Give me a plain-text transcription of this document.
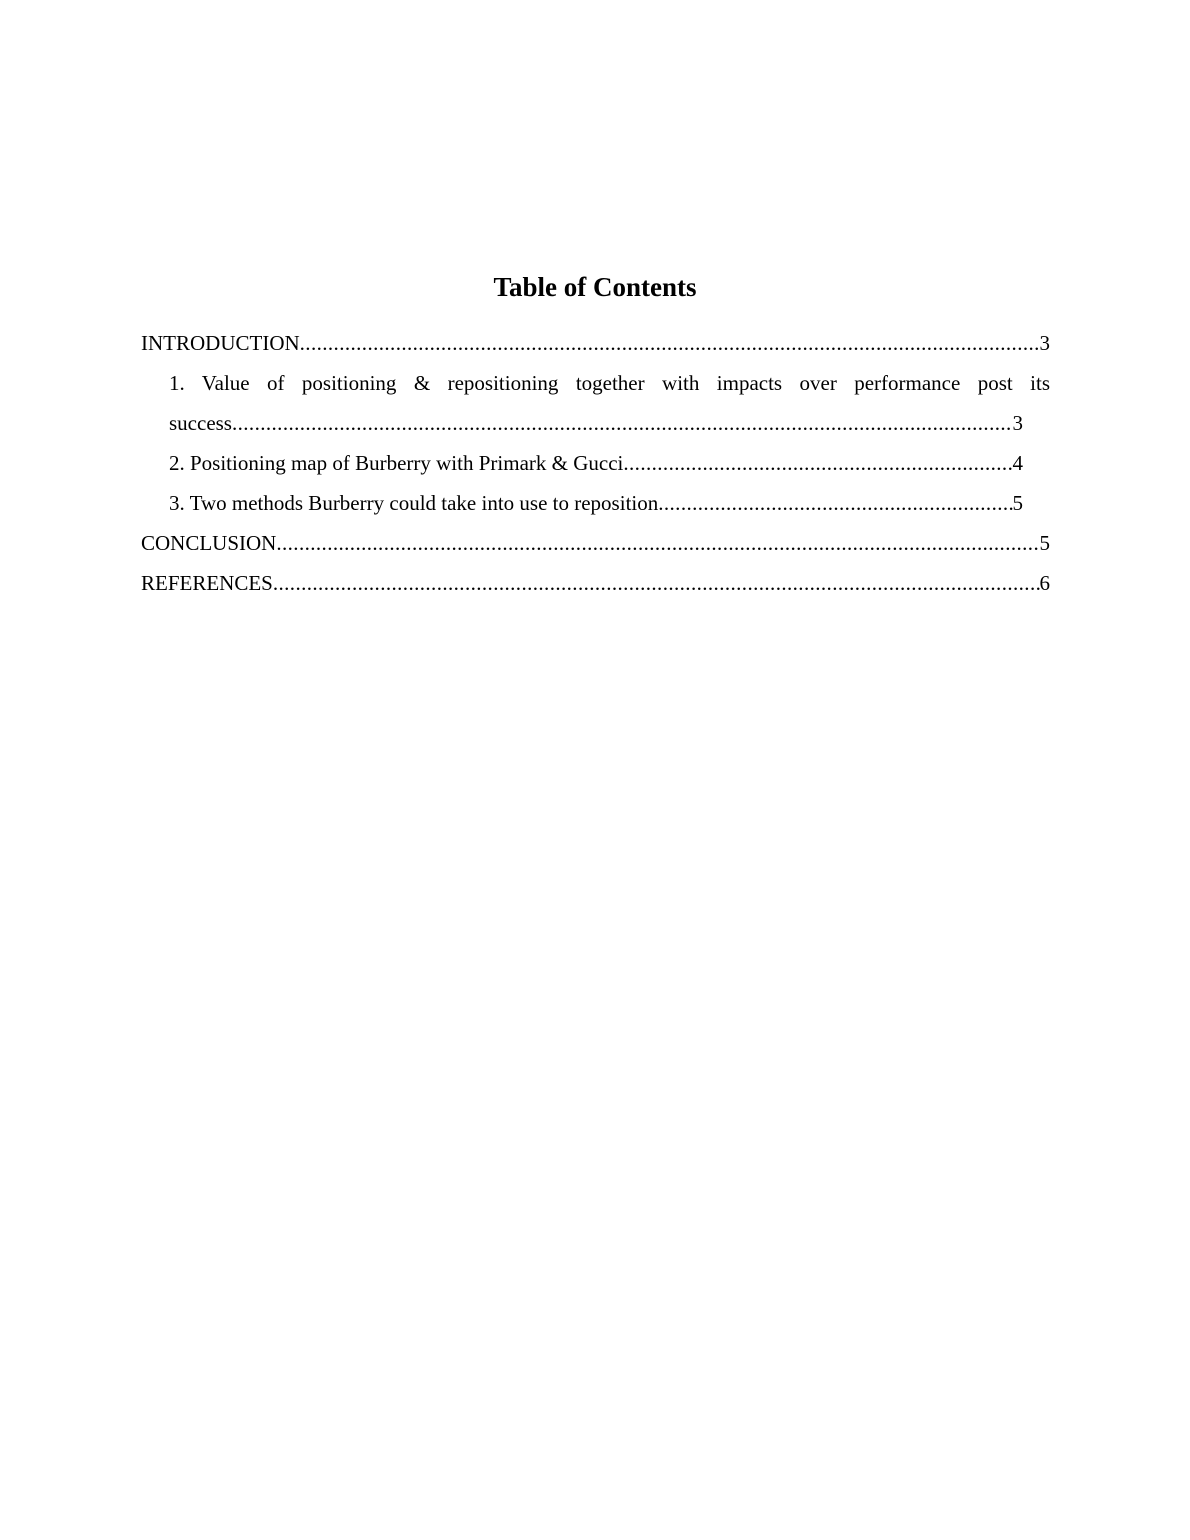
Table of Contents
INTRODUCTION .....	3
1. Value of positioning & repositioning together with impacts over performance post its
success .....	3
2. Positioning map of Burberry with Primark & Gucci .....	4
3. Two methods Burberry could take into use to reposition .....	5
CONCLUSION .....	5
REFERENCES .....	6
